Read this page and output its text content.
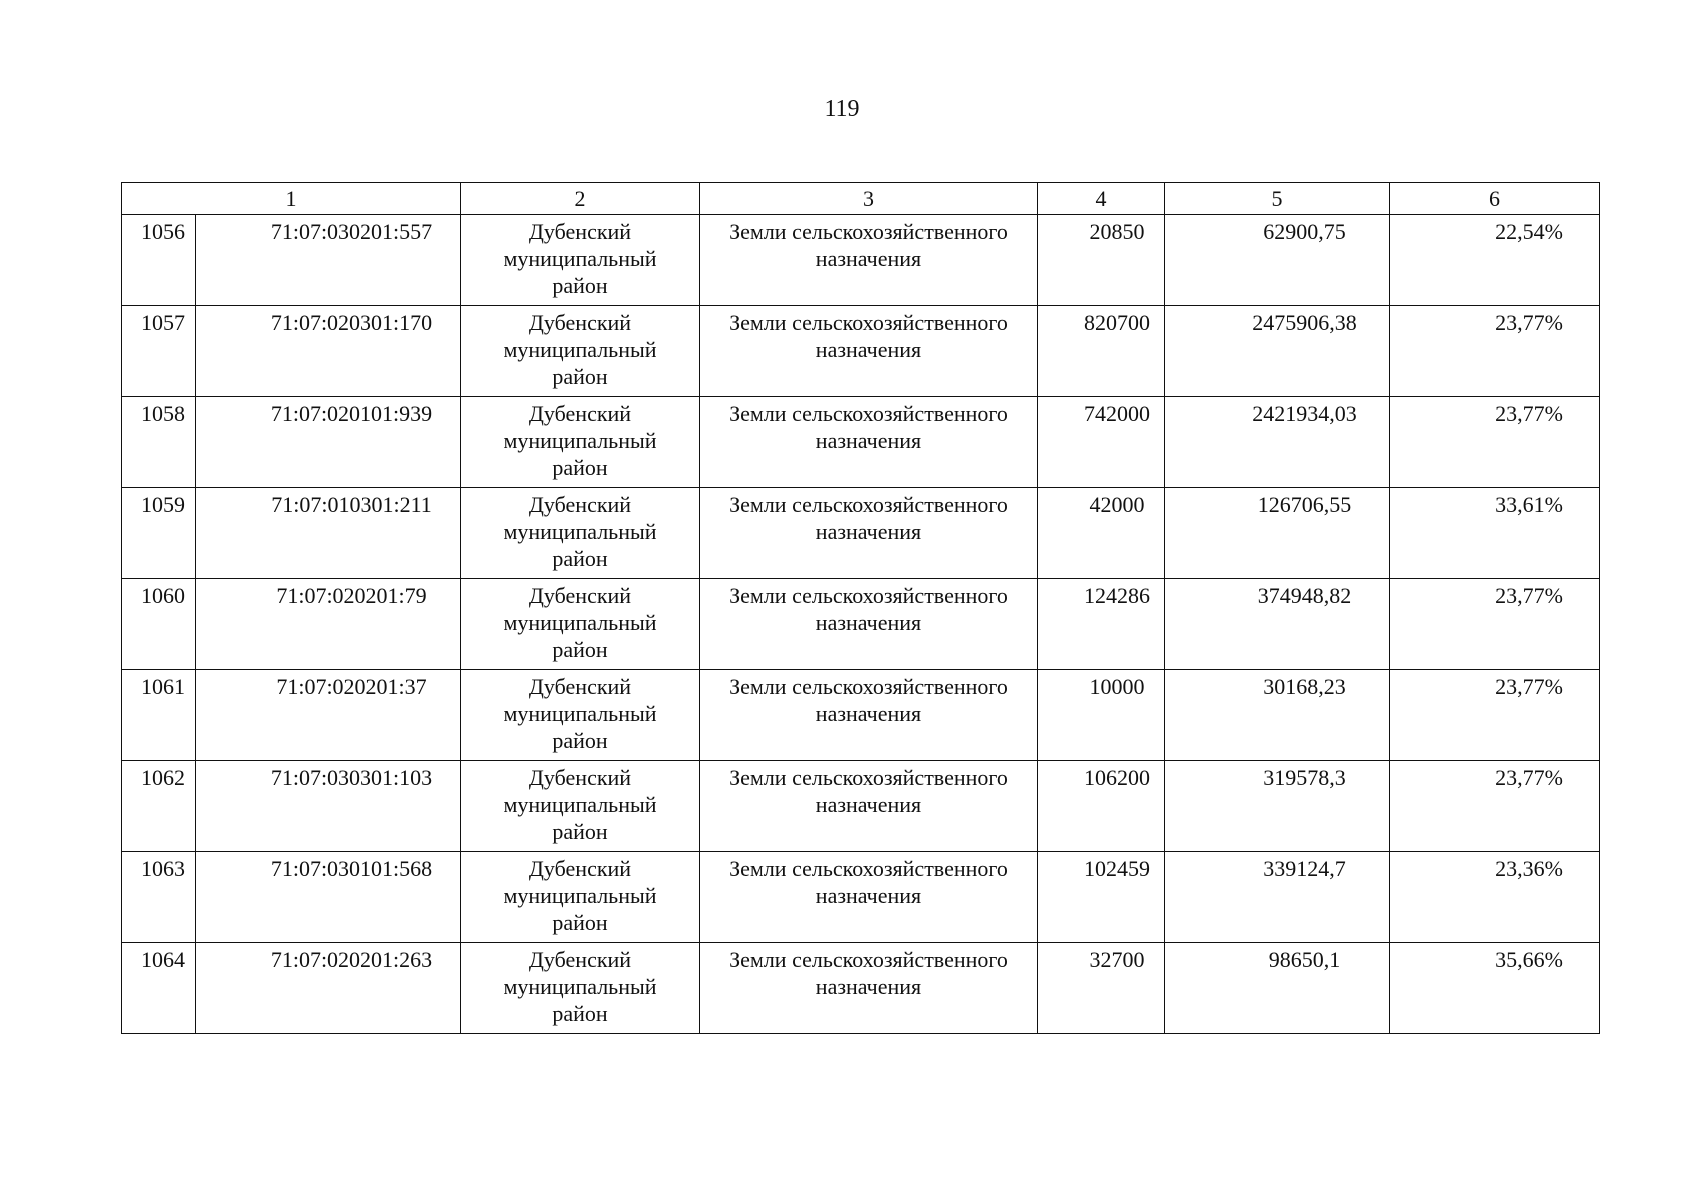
119
1		2	3	4	5	6
1056	71:07:030201:557	Дубенский
муниципальный
район	Земли сельскохозяйственного
назначения	20850	62900,75	22,54%
1057	71:07:020301:170	Дубенский
муниципальный
район	Земли сельскохозяйственного
назначения	820700	2475906,38	23,77%
1058	71:07:020101:939	Дубенский
муниципальный
район	Земли сельскохозяйственного
назначения	742000	2421934,03	23,77%
1059	71:07:010301:211	Дубенский
муниципальный
район	Земли сельскохозяйственного
назначения	42000	126706,55	33,61%
1060	71:07:020201:79	Дубенский
муниципальный
район	Земли сельскохозяйственного
назначения	124286	374948,82	23,77%
1061	71:07:020201:37	Дубенский
муниципальный
район	Земли сельскохозяйственного
назначения	10000	30168,23	23,77%
1062	71:07:030301:103	Дубенский
муниципальный
район	Земли сельскохозяйственного
назначения	106200	319578,3	23,77%
1063	71:07:030101:568	Дубенский
муниципальный
район	Земли сельскохозяйственного
назначения	102459	339124,7	23,36%
1064	71:07:020201:263	Дубенский
муниципальный
район	Земли сельскохозяйственного
назначения	32700	98650,1	35,66%
